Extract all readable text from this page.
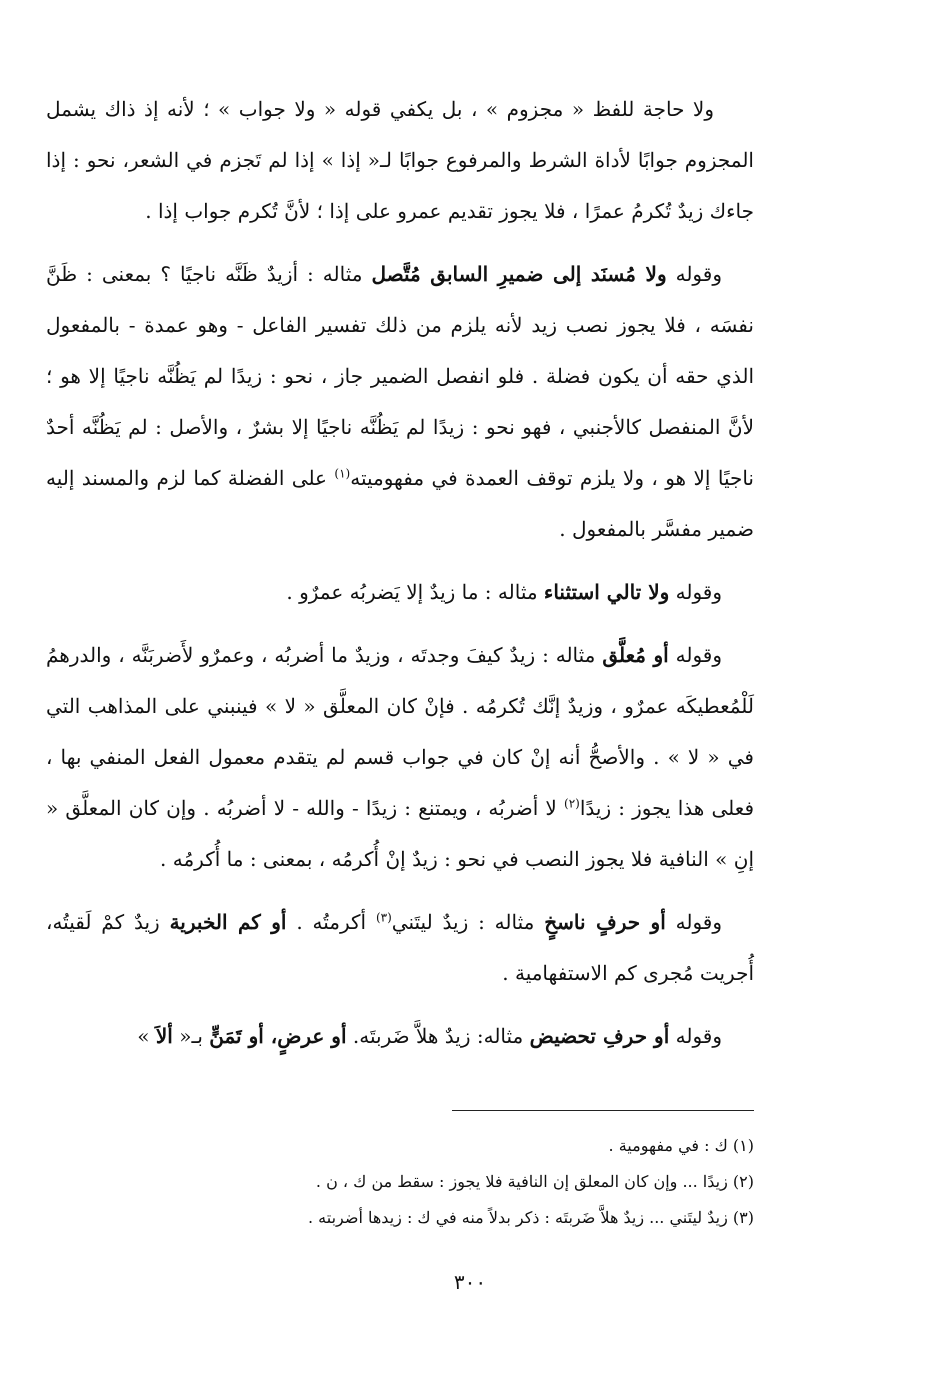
ولا حاجة للفظ « مجزوم » ، بل يكفي قوله « ولا جواب » ؛ لأنه إذ ذاك يشمل المجزوم جوابًا لأداة الشرط والمرفوع جوابًا لـ« إذا » إذا لم تَجزم في الشعر، نحو : إذا جاءك زيدٌ تُكرمُ عمرًا ، فلا يجوز تقديم عمرو على إذا ؛ لأنَّ تُكرم جواب إذا .

وقوله ولا مُسنَد إلى ضميرِ السابق مُتَّصل مثاله : أزيدٌ ظَنَّه ناجيًا ؟ بمعنى : ظَنَّ نفسَه ، فلا يجوز نصب زيد لأنه يلزم من ذلك تفسير الفاعل - وهو عمدة - بالمفعول الذي حقه أن يكون فضلة . فلو انفصل الضمير جاز ، نحو : زيدًا لم يَظُنَّه ناجيًا إلا هو ؛ لأنَّ المنفصل كالأجنبي ، فهو نحو : زيدًا لم يَظُنَّه ناجيًا إلا بشرٌ ، والأصل : لم يَظُنَّه أحدٌ ناجيًا إلا هو ، ولا يلزم توقف العمدة في مفهوميته$^{(١)}$ على الفضلة كما لزم والمسند إليه ضمير مفسَّر بالمفعول .

وقوله ولا تالي استثناء مثاله : ما زيدٌ إلا يَضربُه عمرٌو .

وقوله أو مُعلَّق مثاله : زيدٌ كيفَ وجدتَه ، وزيدٌ ما أضربُه ، وعمرٌو لأَضربَنَّه ، والدرهمُ لَلْمُعطيكَه عمرٌو ، وزيدٌ إنَّك تُكرمُه . فإنْ كان المعلَّق « لا » فينبني على المذاهب التي في « لا » . والأصحُّ أنه إنْ كان في جواب قسم لم يتقدم معمول الفعل المنفي بها ، فعلى هذا يجوز : زيدًا$^{(٢)}$ لا أضربُه ، ويمتنع : زيدًا - والله - لا أضربُه . وإن كان المعلَّق « إنِ » النافية فلا يجوز النصب في نحو : زيدٌ إنْ أُكرمُه ، بمعنى : ما أُكرمُه .

وقوله أو حرفٍ ناسخٍ مثاله : زيدٌ ليتَني$^{(٣)}$ أكرمتُه . أو كم الخبرية زيدٌ كمْ لَقيتُه، أُجريت مُجرى كم الاستفهامية .

وقوله أو حرفِ تحضيض مثاله: زيدٌ هلاَّ ضَربتَه. أو عرضٍ، أو تَمَنٍّ بـ« ألاَ »

(١) ك : في مفهومية .

(٢) زيدًا ... وإن كان المعلق إن النافية فلا يجوز : سقط من ك ، ن .

(٣) زيدٌ ليتَني ... زيدٌ هلاَّ ضَربتَه : ذكر بدلاً منه في ك : زيدها أضربته .

٣٠٠
